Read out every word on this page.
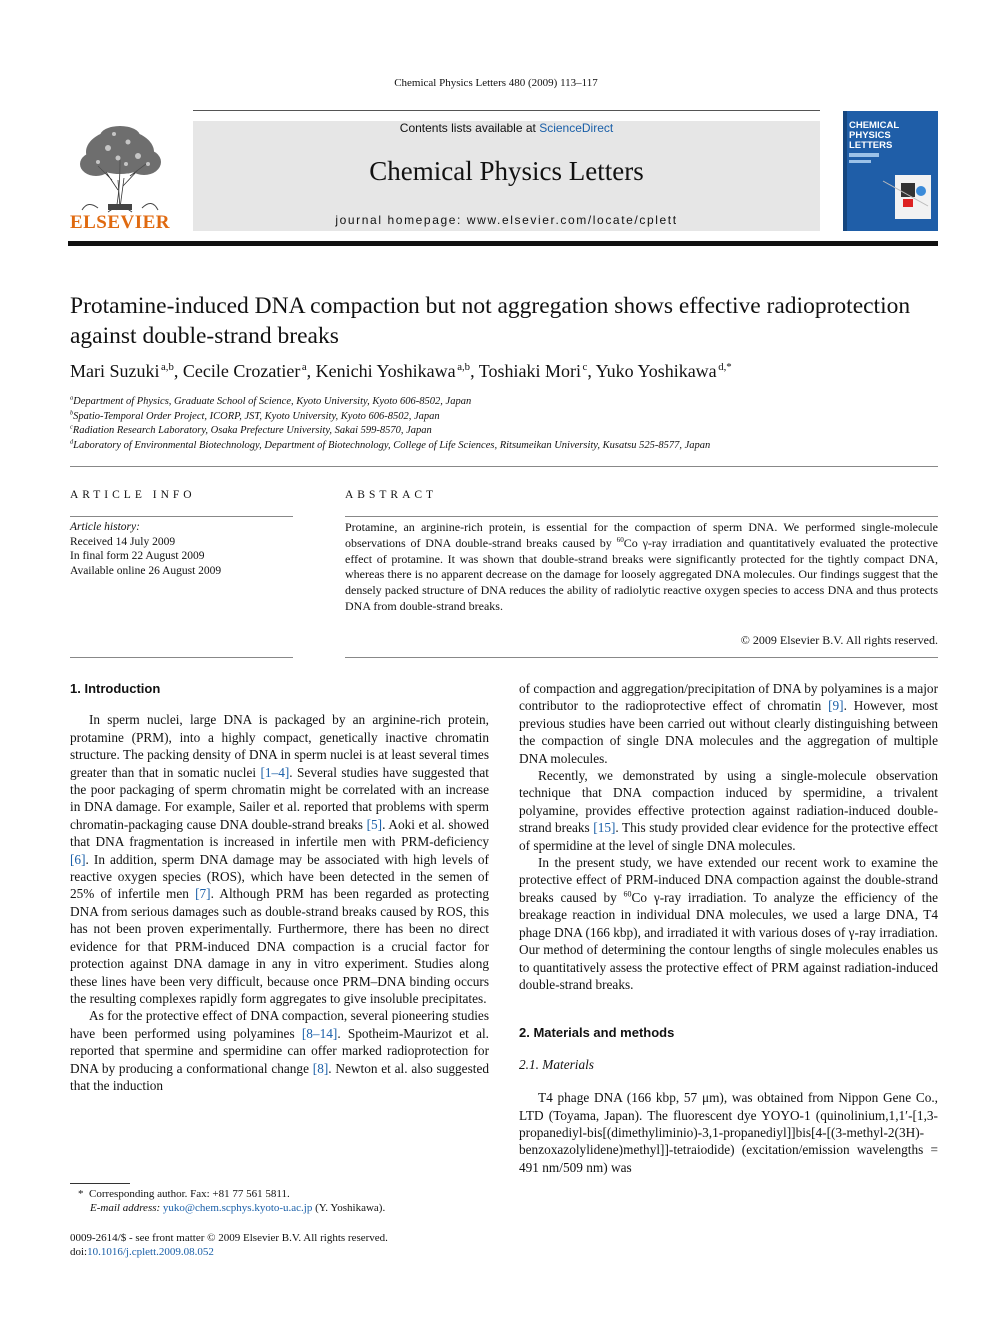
Chemical Physics Letters 480 (2009) 113–117
ELSEVIER
Contents lists available at ScienceDirect
Chemical Physics Letters
journal homepage: www.elsevier.com/locate/cplett
CHEMICAL
PHYSICS
LETTERS
Protamine-induced DNA compaction but not aggregation shows effective radioprotection against double-strand breaks
Mari Suzuki  $^{a,b}$, Cecile Crozatier  $^a$, Kenichi Yoshikawa  $^{a,b}$, Toshiaki Mori  $^c$, Yuko Yoshikawa  $^{d,*}$
$^a$Department of Physics, Graduate School of Science, Kyoto University, Kyoto 606-8502, Japan
$^b$Spatio-Temporal Order Project, ICORP, JST, Kyoto University, Kyoto 606-8502, Japan
$^c$Radiation Research Laboratory, Osaka Prefecture University, Sakai 599-8570, Japan
$^d$Laboratory of Environmental Biotechnology, Department of Biotechnology, College of Life Sciences, Ritsumeikan University, Kusatsu 525-8577, Japan
ARTICLE INFO	ABSTRACT
Article history:
Received 14 July 2009
In final form 22 August 2009
Available online 26 August 2009
Protamine, an arginine-rich protein, is essential for the compaction of sperm DNA. We performed single-molecule observations of DNA double-strand breaks caused by $^{60}$Co γ-ray irradiation and quantitatively evaluated the protective effect of protamine. It was shown that double-strand breaks were significantly protected for the tightly compact DNA, whereas there is no apparent decrease on the damage for loosely aggregated DNA molecules. Our findings suggest that the densely packed structure of DNA reduces the ability of radiolytic reactive oxygen species to access DNA and thus protects DNA from double-strand breaks.
© 2009 Elsevier B.V. All rights reserved.
1. Introduction

In sperm nuclei, large DNA is packaged by an arginine-rich protein, protamine (PRM), into a highly compact, genetically inactive chromatin structure. The packing density of DNA in sperm nuclei is at least several times greater than that in somatic nuclei [1–4]. Several studies have suggested that the poor packaging of sperm chromatin might be correlated with an increase in DNA damage. For example, Sailer et al. reported that problems with sperm chromatin-packaging cause DNA double-strand breaks [5]. Aoki et al. showed that DNA fragmentation is increased in infertile men with PRM-deficiency [6]. In addition, sperm DNA damage may be associated with high levels of reactive oxygen species (ROS), which have been detected in the semen of 25% of infertile men [7]. Although PRM has been regarded as protecting DNA from serious damages such as double-strand breaks caused by ROS, this has not been proven experimentally. Furthermore, there has been no direct evidence for that PRM-induced DNA compaction is a crucial factor for protection against DNA damage in any in vitro experiment. Studies along these lines have been very difficult, because once PRM–DNA binding occurs the resulting complexes rapidly form aggregates to give insoluble precipitates.

As for the protective effect of DNA compaction, several pioneering studies have been performed using polyamines [8–14]. Spotheim-Maurizot et al. reported that spermine and spermidine can offer marked radioprotection for DNA by producing a conformational change [8]. Newton et al. also suggested that the induction

of compaction and aggregation/precipitation of DNA by polyamines is a major contributor to the radioprotective effect of chromatin [9]. However, most previous studies have been carried out without clearly distinguishing between the compaction of single DNA molecules and the aggregation of multiple DNA molecules.

Recently, we demonstrated by using a single-molecule observation technique that DNA compaction induced by spermidine, a trivalent polyamine, provides effective protection against radiation-induced double-strand breaks [15]. This study provided clear evidence for the protective effect of spermidine at the level of single DNA molecules.

In the present study, we have extended our recent work to examine the protective effect of PRM-induced DNA compaction against the double-strand breaks caused by $^{60}$Co γ-ray irradiation. To analyze the efficiency of the breakage reaction in individual DNA molecules, we used a large DNA, T4 phage DNA (166 kbp), and irradiated it with various doses of γ-ray irradiation. Our method of determining the contour lengths of single molecules enables us to quantitatively assess the protective effect of PRM against radiation-induced double-strand breaks.

2. Materials and methods
2.1. Materials

T4 phage DNA (166 kbp, 57 μm), was obtained from Nippon Gene Co., LTD (Toyama, Japan). The fluorescent dye YOYO-1 (quinolinium,1,1′-[1,3-propanediyl-bis[(dimethyliminio)-3,1-propanediyl]]bis[4-[(3-methyl-2(3H)-benzoxazolylidene)methyl]]-tetraiodide) (excitation/emission wavelengths = 491 nm/509 nm) was

* Corresponding author. Fax: +81 77 561 5811.
E-mail address: yuko@chem.scphys.kyoto-u.ac.jp (Y. Yoshikawa).
0009-2614/$ - see front matter © 2009 Elsevier B.V. All rights reserved.
doi:10.1016/j.cplett.2009.08.052
